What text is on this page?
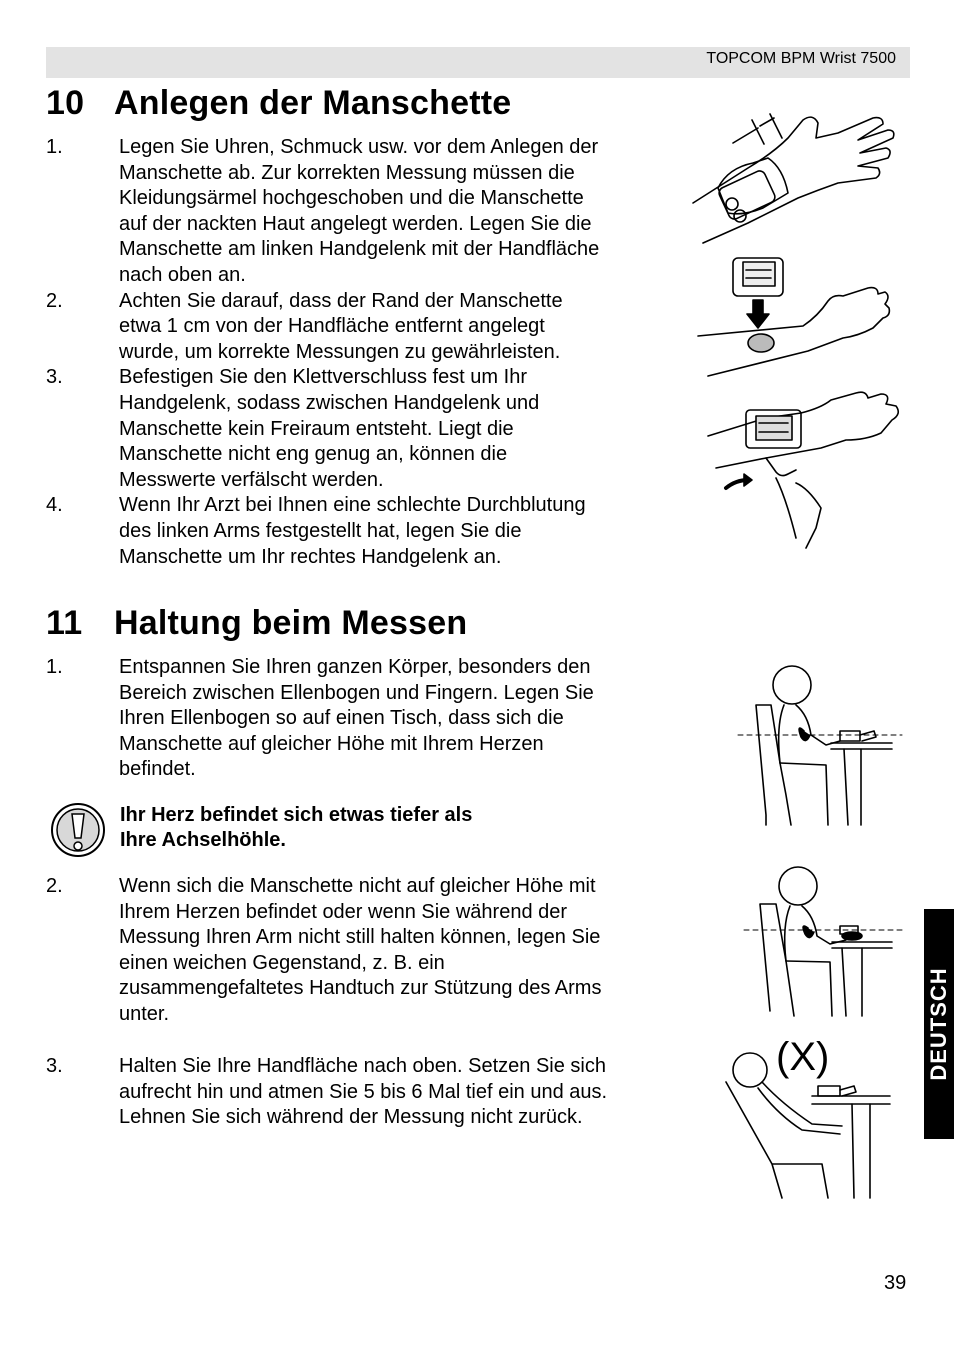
TOPCOM BPM Wrist 7500
10 Anlegen der Manschette
1.	Legen Sie Uhren, Schmuck usw. vor dem Anlegen der
Manschette ab. Zur korrekten Messung müssen die
Kleidungsärmel hochgeschoben und die Manschette
auf der nackten Haut angelegt werden. Legen Sie die
Manschette am linken Handgelenk mit der Handfläche
nach oben an.
2.	Achten Sie darauf, dass der Rand der Manschette
etwa 1 cm von der Handfläche entfernt angelegt
wurde, um korrekte Messungen zu gewährleisten.
3.	Befestigen Sie den Klettverschluss fest um Ihr
Handgelenk, sodass zwischen Handgelenk und
Manschette kein Freiraum entsteht. Liegt die
Manschette nicht eng genug an, können die
Messwerte verfälscht werden.
4.	Wenn Ihr Arzt bei Ihnen eine schlechte Durchblutung
des linken Arms festgestellt hat, legen Sie die
Manschette um Ihr rechtes Handgelenk an.
11 Haltung beim Messen
1.	Entspannen Sie Ihren ganzen Körper, besonders den
Bereich zwischen Ellenbogen und Fingern. Legen Sie
Ihren Ellenbogen so auf einen Tisch, dass sich die
Manschette auf gleicher Höhe mit Ihrem Herzen
befindet.
Ihr Herz befindet sich etwas tiefer als
Ihre Achselhöhle.
2.	Wenn sich die Manschette nicht auf gleicher Höhe mit
Ihrem Herzen befindet oder wenn Sie während der
Messung Ihren Arm nicht still halten können, legen Sie
einen weichen Gegenstand, z. B. ein
zusammengefaltetes Handtuch zur Stützung des Arms
unter.
3.	Halten Sie Ihre Handfläche nach oben. Setzen Sie sich
aufrecht hin und atmen Sie 5 bis 6 Mal tief ein und aus.
Lehnen Sie sich während der Messung nicht zurück.
(X)	DEUTSCH
39
